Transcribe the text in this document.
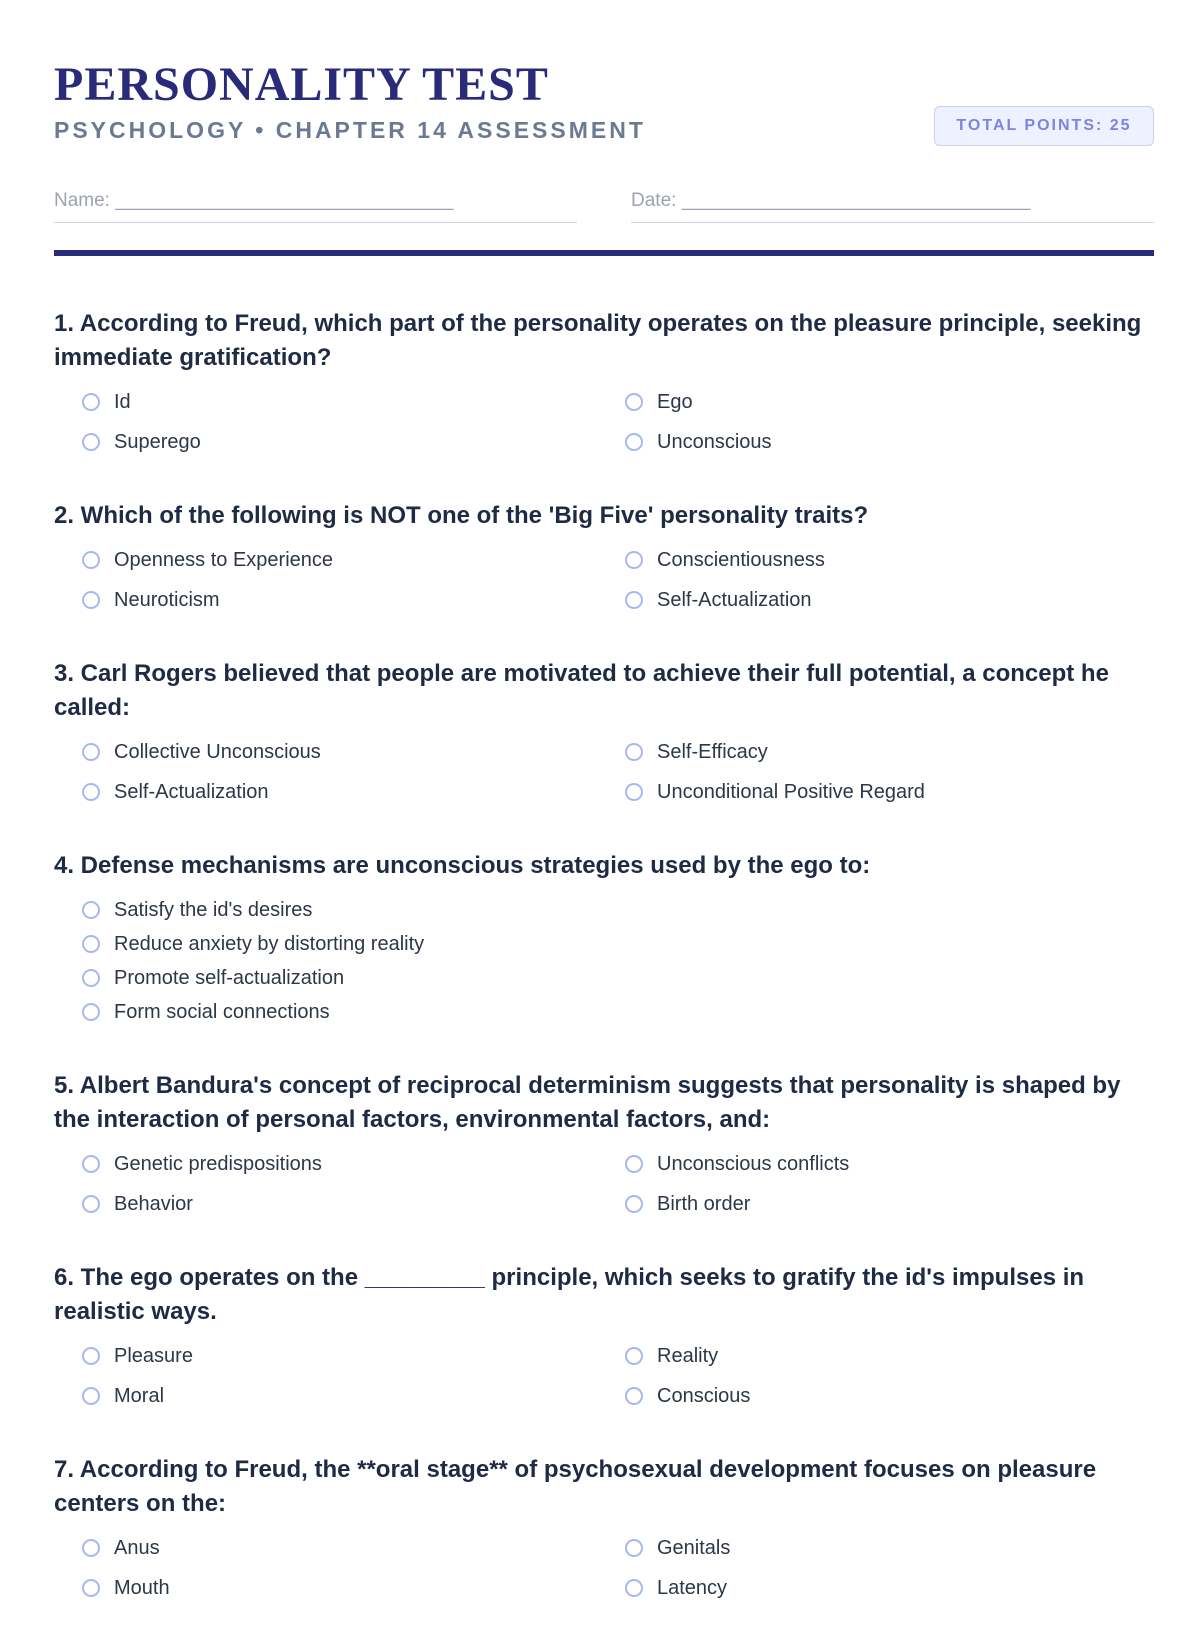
PERSONALITY TEST
PSYCHOLOGY • CHAPTER 14 ASSESSMENT	TOTAL POINTS: 25
Name: ________________________________	Date: _________________________________

1. According to Freud, which part of the personality operates on the pleasure principle, seeking immediate gratification?

Id	Ego
Superego	Unconscious

2. Which of the following is NOT one of the 'Big Five' personality traits?

Openness to Experience	Conscientiousness
Neuroticism	Self-Actualization

3. Carl Rogers believed that people are motivated to achieve their full potential, a concept he called:

Collective Unconscious	Self-Efficacy
Self-Actualization	Unconditional Positive Regard

4. Defense mechanisms are unconscious strategies used by the ego to:

Satisfy the id's desires
Reduce anxiety by distorting reality
Promote self-actualization
Form social connections

5. Albert Bandura's concept of reciprocal determinism suggests that personality is shaped by the interaction of personal factors, environmental factors, and:

Genetic predispositions	Unconscious conflicts
Behavior	Birth order

6. The ego operates on the _________ principle, which seeks to gratify the id's impulses in realistic ways.

Pleasure	Reality
Moral	Conscious

7. According to Freud, the **oral stage** of psychosexual development focuses on pleasure centers on the:

Anus	Genitals
Mouth	Latency
